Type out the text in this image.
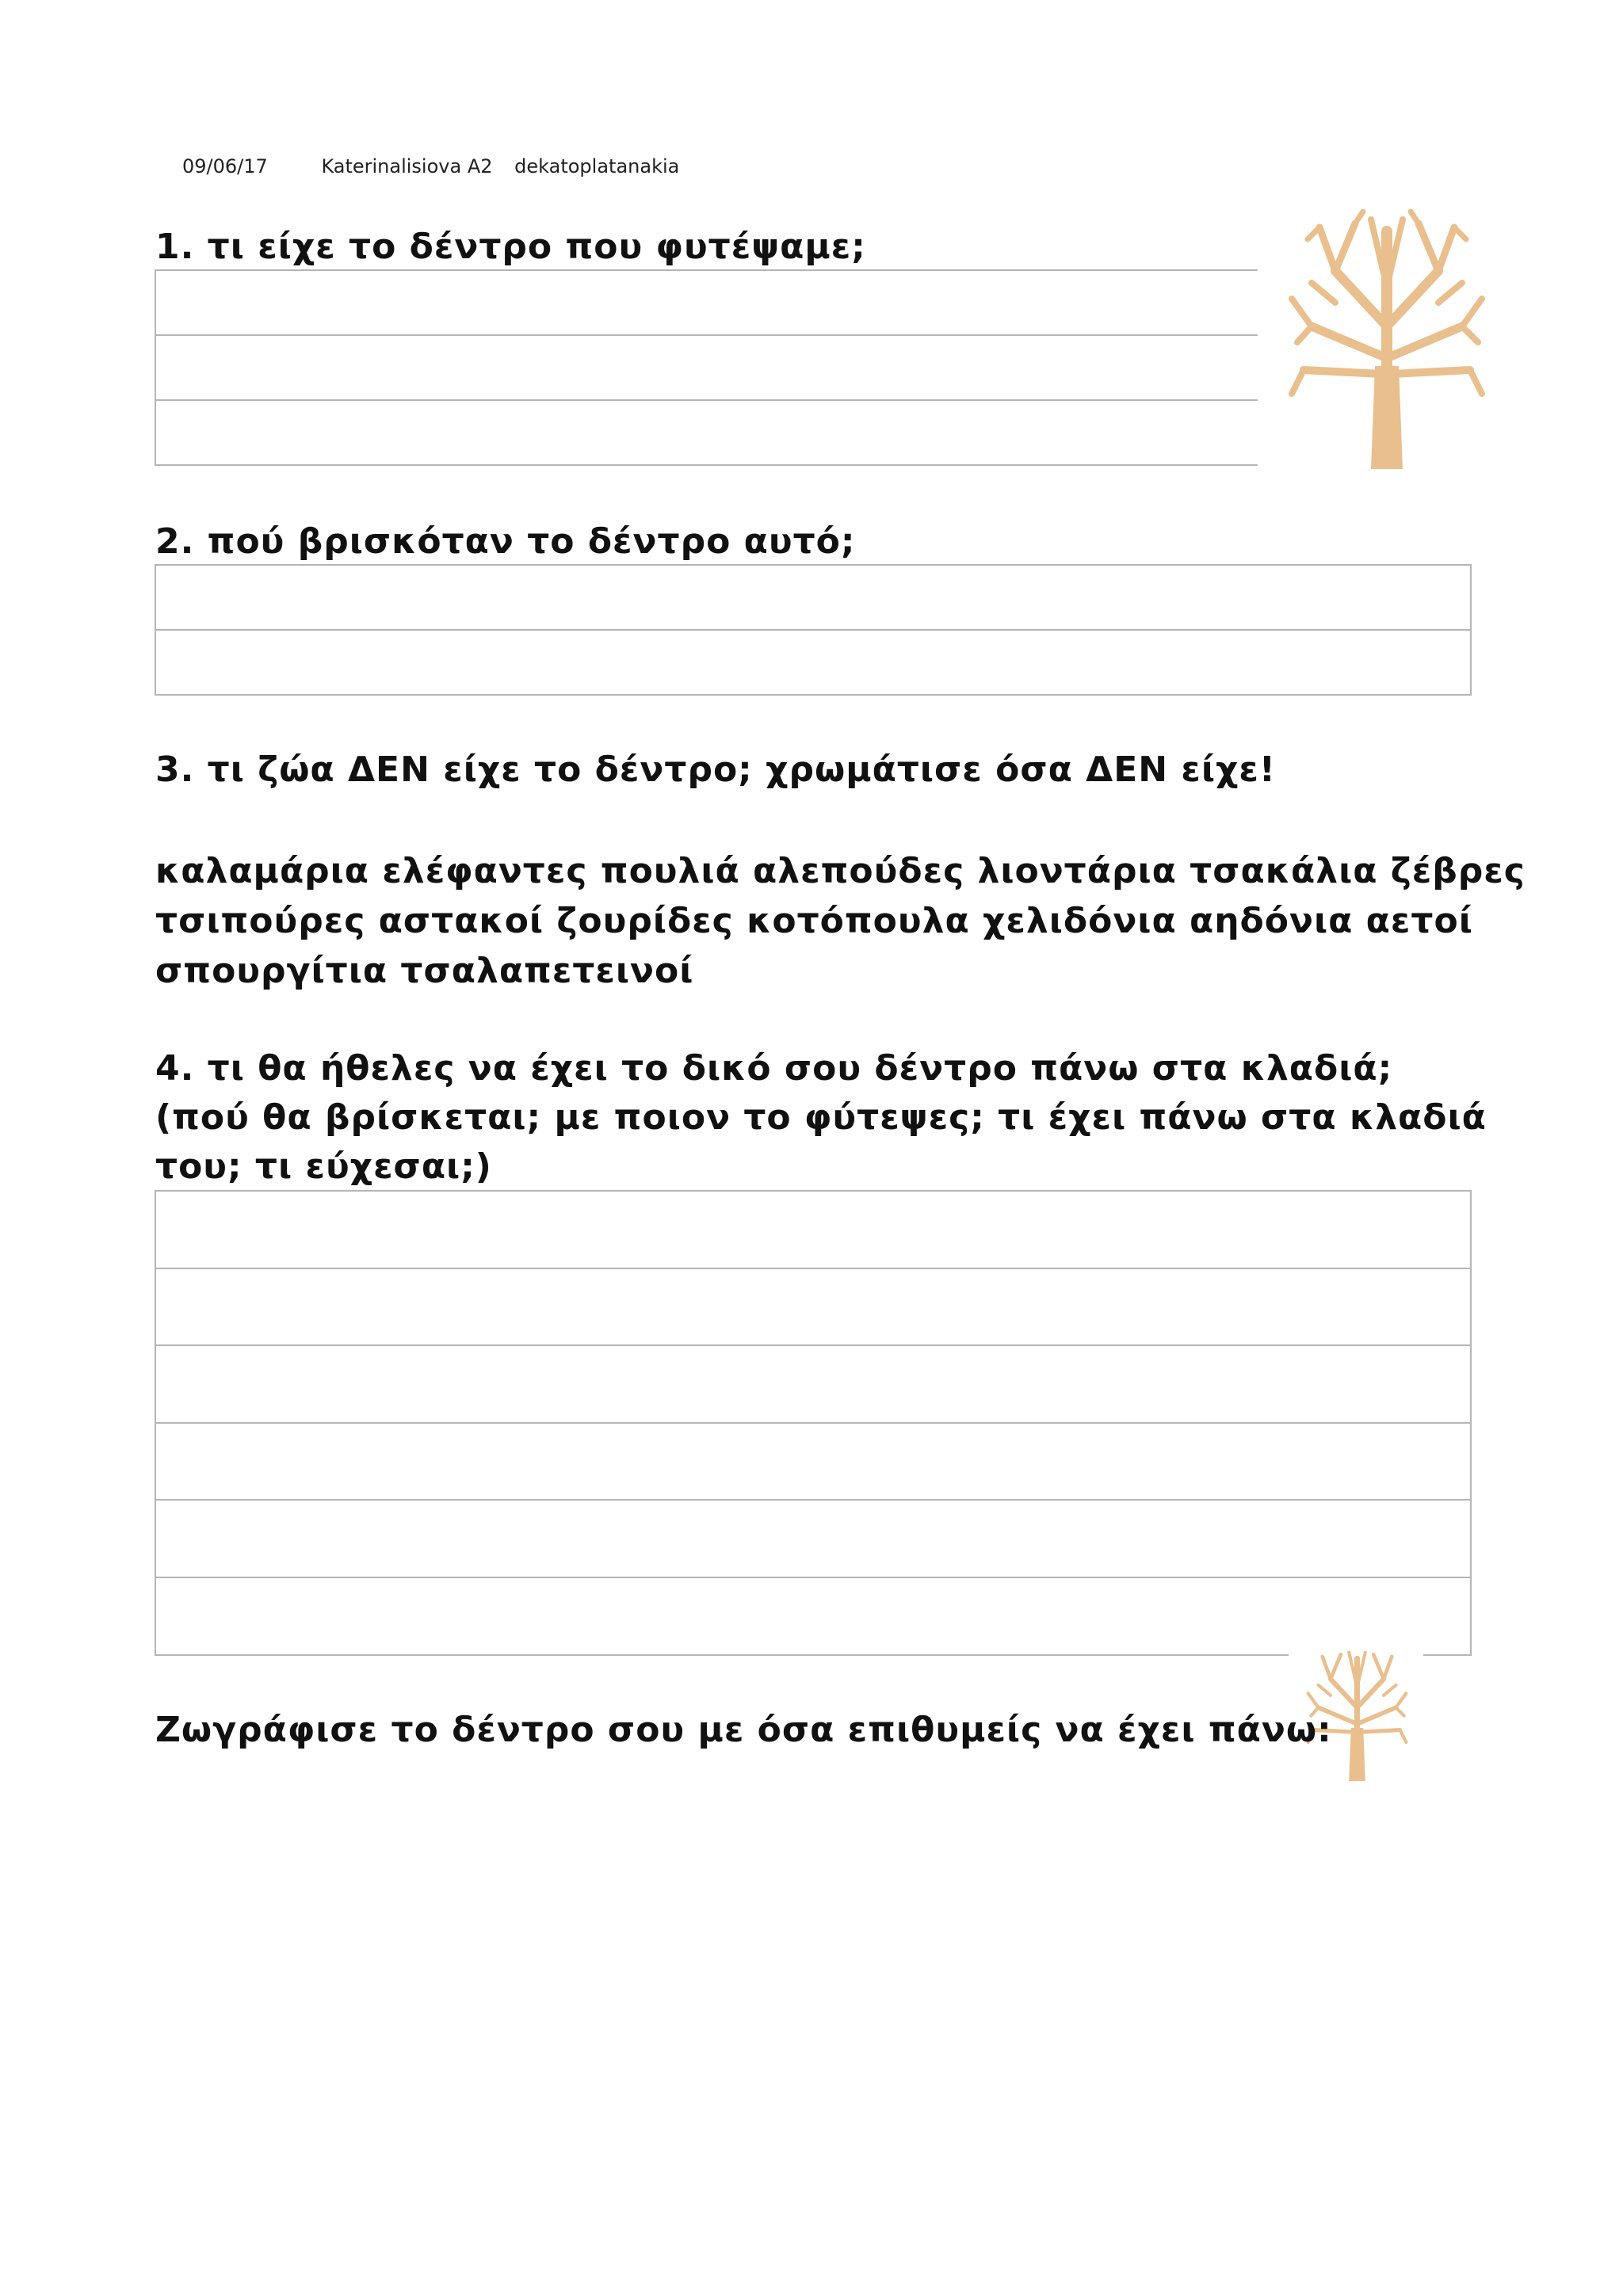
09/06/17	Katerinalisiova A2 dekatoplatanakia
1. τι είχε το δέντρο που φυτέψαμε;
2. πού βρισκόταν το δέντρο αυτό;
3. τι ζώα ΔΕΝ είχε το δέντρο; χρωμάτισε όσα ΔΕΝ είχε!
καλαμάρια ελέφαντες πουλιά αλεπούδες λιοντάρια τσακάλια ζέβρες
τσιπούρες αστακοί ζουρίδες κοτόπουλα χελιδόνια αηδόνια αετοί
σπουργίτια τσαλαπετεινοί
4. τι θα ήθελες να έχει το δικό σου δέντρο πάνω στα κλαδιά;
(πού θα βρίσκεται; με ποιον το φύτεψες; τι έχει πάνω στα κλαδιά
του; τι εύχεσαι;)
Ζωγράφισε το δέντρο σου με όσα επιθυμείς να έχει πάνω:
